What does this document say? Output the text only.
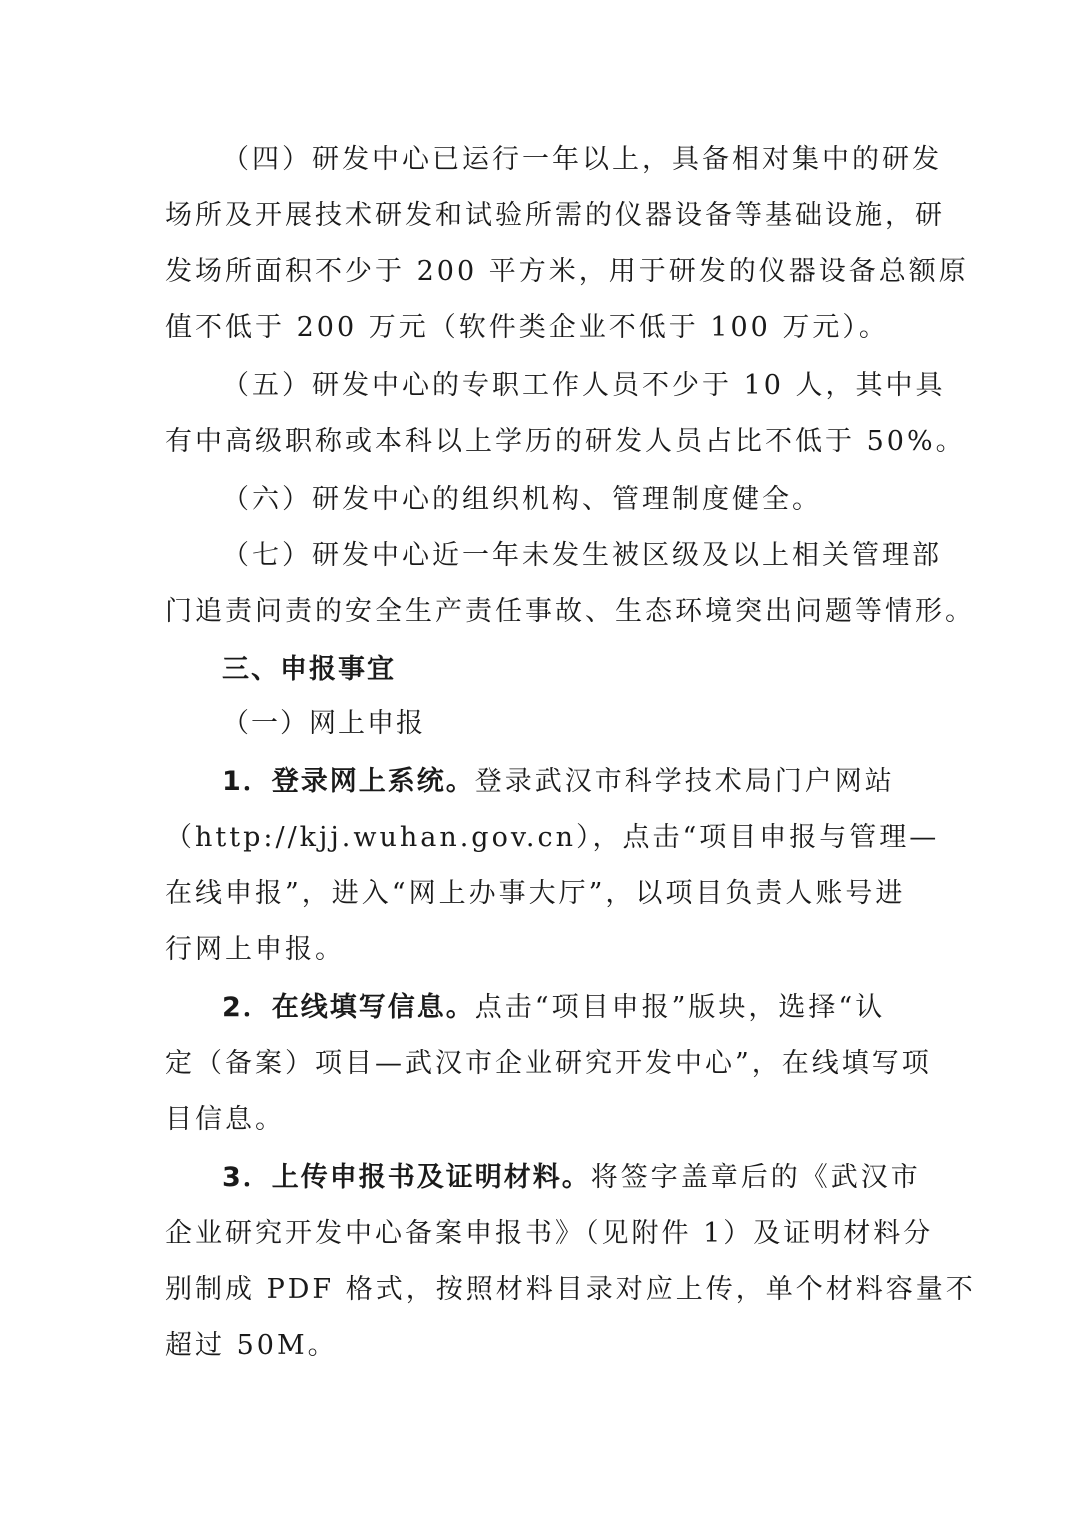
（四）研发中心已运行一年以上，具备相对集中的研发
场所及开展技术研发和试验所需的仪器设备等基础设施，研
发场所面积不少于 200 平方米，用于研发的仪器设备总额原
值不低于 200 万元（软件类企业不低于 100 万元）。
（五）研发中心的专职工作人员不少于 10 人，其中具
有中高级职称或本科以上学历的研发人员占比不低于 50%。
（六）研发中心的组织机构、管理制度健全。
（七）研发中心近一年未发生被区级及以上相关管理部
门追责问责的安全生产责任事故、生态环境突出问题等情形。
三、申报事宜
（一）网上申报
1．登录网上系统。登录武汉市科学技术局门户网站
（http://kjj.wuhan.gov.cn），点击“项目申报与管理—
在线申报”，进入“网上办事大厅”，以项目负责人账号进
行网上申报。
2．在线填写信息。点击“项目申报”版块，选择“认
定（备案）项目—武汉市企业研究开发中心”，在线填写项
目信息。
3．上传申报书及证明材料。将签字盖章后的《武汉市
企业研究开发中心备案申报书》（见附件 1）及证明材料分
别制成 PDF 格式，按照材料目录对应上传，单个材料容量不
超过 50M。
